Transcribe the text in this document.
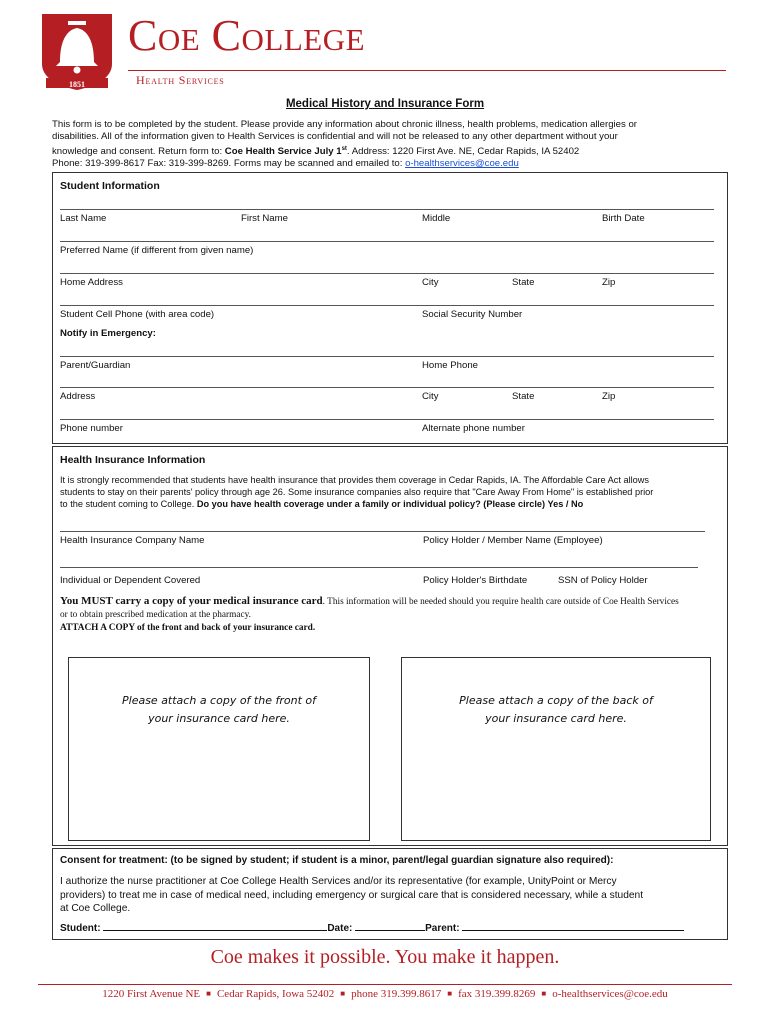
1851
Coe College
Health Services
Medical History and Insurance Form
This form is to be completed by the student. Please provide any information about chronic illness, health problems, medication allergies or
disabilities. All of the information given to Health Services is confidential and will not be released to any other department without your
knowledge and consent. Return form to: Coe Health Service July 1st. Address: 1220 First Ave. NE, Cedar Rapids, IA 52402
Phone: 319-399-8617 Fax: 319-399-8269. Forms may be scanned and emailed to: o-healthservices@coe.edu
Student Information
Last Name	First Name	Middle	Birth Date
Preferred Name (if different from given name)
Home Address	City	State	Zip
Student Cell Phone (with area code)	Social Security Number
Notify in Emergency:
Parent/Guardian	Home Phone
Address	City	State	Zip
Phone number	Alternate phone number
Health Insurance Information
It is strongly recommended that students have health insurance that provides them coverage in Cedar Rapids, IA. The Affordable Care Act allows
students to stay on their parents' policy through age 26. Some insurance companies also require that "Care Away From Home" is established prior
to the student coming to College. Do you have health coverage under a family or individual policy? (Please circle) Yes / No
Health Insurance Company Name	Policy Holder / Member Name (Employee)
Individual or Dependent Covered	Policy Holder's Birthdate	SSN of Policy Holder
You MUST carry a copy of your medical insurance card. This information will be needed should you require health care outside of Coe Health Services
or to obtain prescribed medication at the pharmacy.
ATTACH A COPY of the front and back of your insurance card.
Please attach a copy of the front of
your insurance card here.
Please attach a copy of the back of
your insurance card here.
Consent for treatment: (to be signed by student; if student is a minor, parent/legal guardian signature also required):
I authorize the nurse practitioner at Coe College Health Services and/or its representative (for example, UnityPoint or Mercy
providers) to treat me in case of medical need, including emergency or surgical care that is considered necessary, while a student
at Coe College.
Student:	Date:	Parent:
Coe makes it possible. You make it happen.
1220 First Avenue NE ■ Cedar Rapids, Iowa 52402 ■ phone 319.399.8617 ■ fax 319.399.8269 ■ o-healthservices@coe.edu
